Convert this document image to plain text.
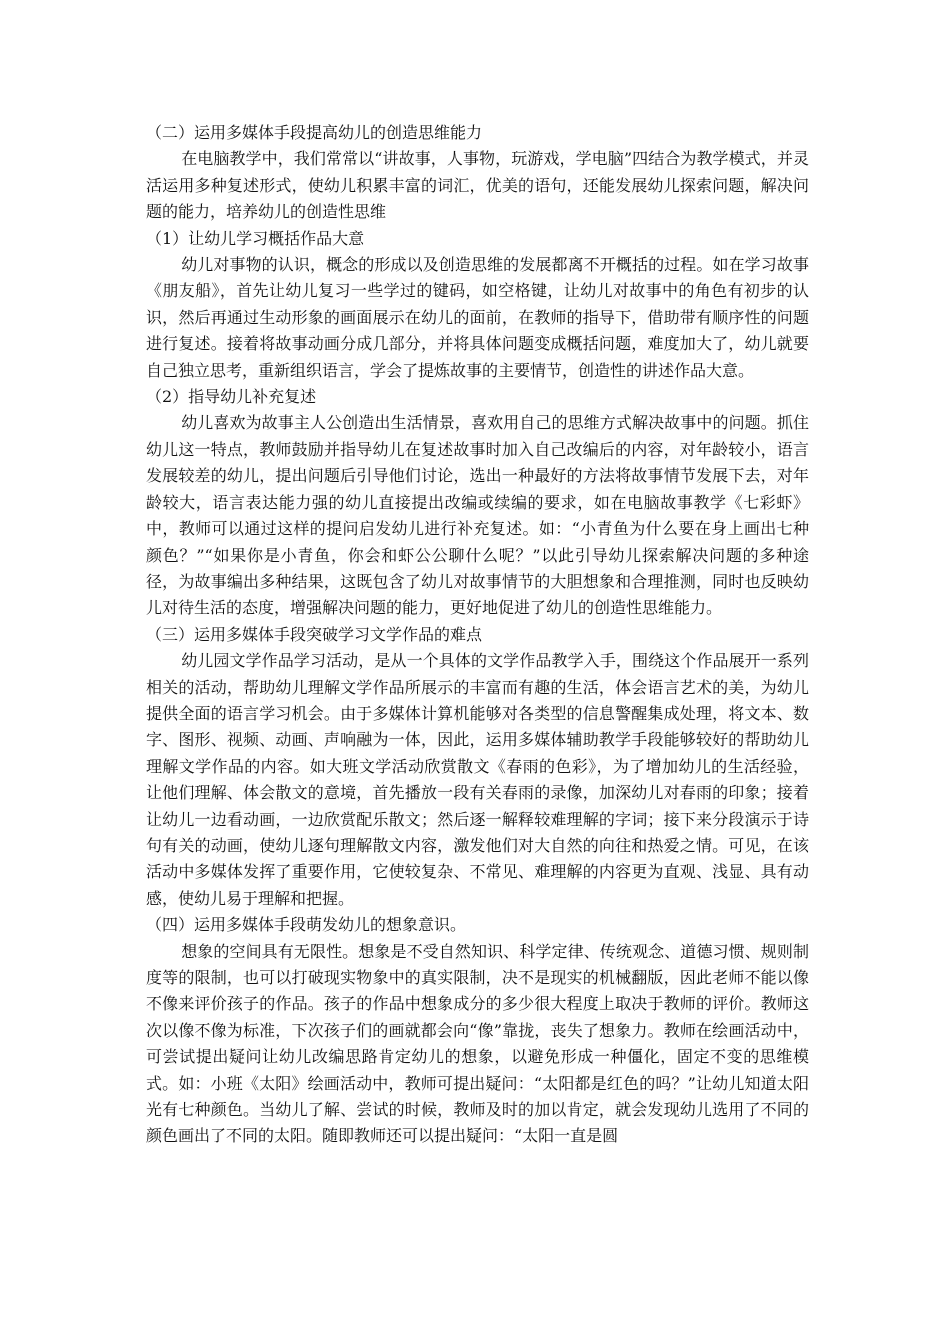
（二）运用多媒体手段提高幼儿的创造思维能力

在电脑教学中，我们常常以“讲故事，人事物，玩游戏，学电脑”四结合为教学模式，并灵活运用多种复述形式，使幼儿积累丰富的词汇，优美的语句，还能发展幼儿探索问题，解决问题的能力，培养幼儿的创造性思维

（1）让幼儿学习概括作品大意

幼儿对事物的认识，概念的形成以及创造思维的发展都离不开概括的过程。如在学习故事《朋友船》，首先让幼儿复习一些学过的键码，如空格键，让幼儿对故事中的角色有初步的认识，然后再通过生动形象的画面展示在幼儿的面前，在教师的指导下，借助带有顺序性的问题进行复述。接着将故事动画分成几部分，并将具体问题变成概括问题，难度加大了，幼儿就要自己独立思考，重新组织语言，学会了提炼故事的主要情节，创造性的讲述作品大意。

（2）指导幼儿补充复述

幼儿喜欢为故事主人公创造出生活情景，喜欢用自己的思维方式解决故事中的问题。抓住幼儿这一特点，教师鼓励并指导幼儿在复述故事时加入自己改编后的内容，对年龄较小，语言发展较差的幼儿，提出问题后引导他们讨论，选出一种最好的方法将故事情节发展下去，对年龄较大，语言表达能力强的幼儿直接提出改编或续编的要求，如在电脑故事教学《七彩虾》中，教师可以通过这样的提问启发幼儿进行补充复述。如：“小青鱼为什么要在身上画出七种颜色？”“如果你是小青鱼，你会和虾公公聊什么呢？”以此引导幼儿探索解决问题的多种途径，为故事编出多种结果，这既包含了幼儿对故事情节的大胆想象和合理推测，同时也反映幼儿对待生活的态度，增强解决问题的能力，更好地促进了幼儿的创造性思维能力。

（三）运用多媒体手段突破学习文学作品的难点

幼儿园文学作品学习活动，是从一个具体的文学作品教学入手，围绕这个作品展开一系列相关的活动，帮助幼儿理解文学作品所展示的丰富而有趣的生活，体会语言艺术的美，为幼儿提供全面的语言学习机会。由于多媒体计算机能够对各类型的信息警醒集成处理，将文本、数字、图形、视频、动画、声响融为一体，因此，运用多媒体辅助教学手段能够较好的帮助幼儿理解文学作品的内容。如大班文学活动欣赏散文《春雨的色彩》，为了增加幼儿的生活经验，让他们理解、体会散文的意境，首先播放一段有关春雨的录像，加深幼儿对春雨的印象；接着让幼儿一边看动画，一边欣赏配乐散文；然后逐一解释较难理解的字词；接下来分段演示于诗句有关的动画，使幼儿逐句理解散文内容，激发他们对大自然的向往和热爱之情。可见，在该活动中多媒体发挥了重要作用，它使较复杂、不常见、难理解的内容更为直观、浅显、具有动感，使幼儿易于理解和把握。

（四）运用多媒体手段萌发幼儿的想象意识。

想象的空间具有无限性。想象是不受自然知识、科学定律、传统观念、道德习惯、规则制度等的限制，也可以打破现实物象中的真实限制，决不是现实的机械翻版，因此老师不能以像不像来评价孩子的作品。孩子的作品中想象成分的多少很大程度上取决于教师的评价。教师这次以像不像为标准，下次孩子们的画就都会向“像”靠拢，丧失了想象力。教师在绘画活动中，可尝试提出疑问让幼儿改编思路肯定幼儿的想象，以避免形成一种僵化，固定不变的思维模式。如：小班《太阳》绘画活动中，教师可提出疑问：“太阳都是红色的吗？”让幼儿知道太阳光有七种颜色。当幼儿了解、尝试的时候，教师及时的加以肯定，就会发现幼儿选用了不同的颜色画出了不同的太阳。随即教师还可以提出疑问：“太阳一直是圆
